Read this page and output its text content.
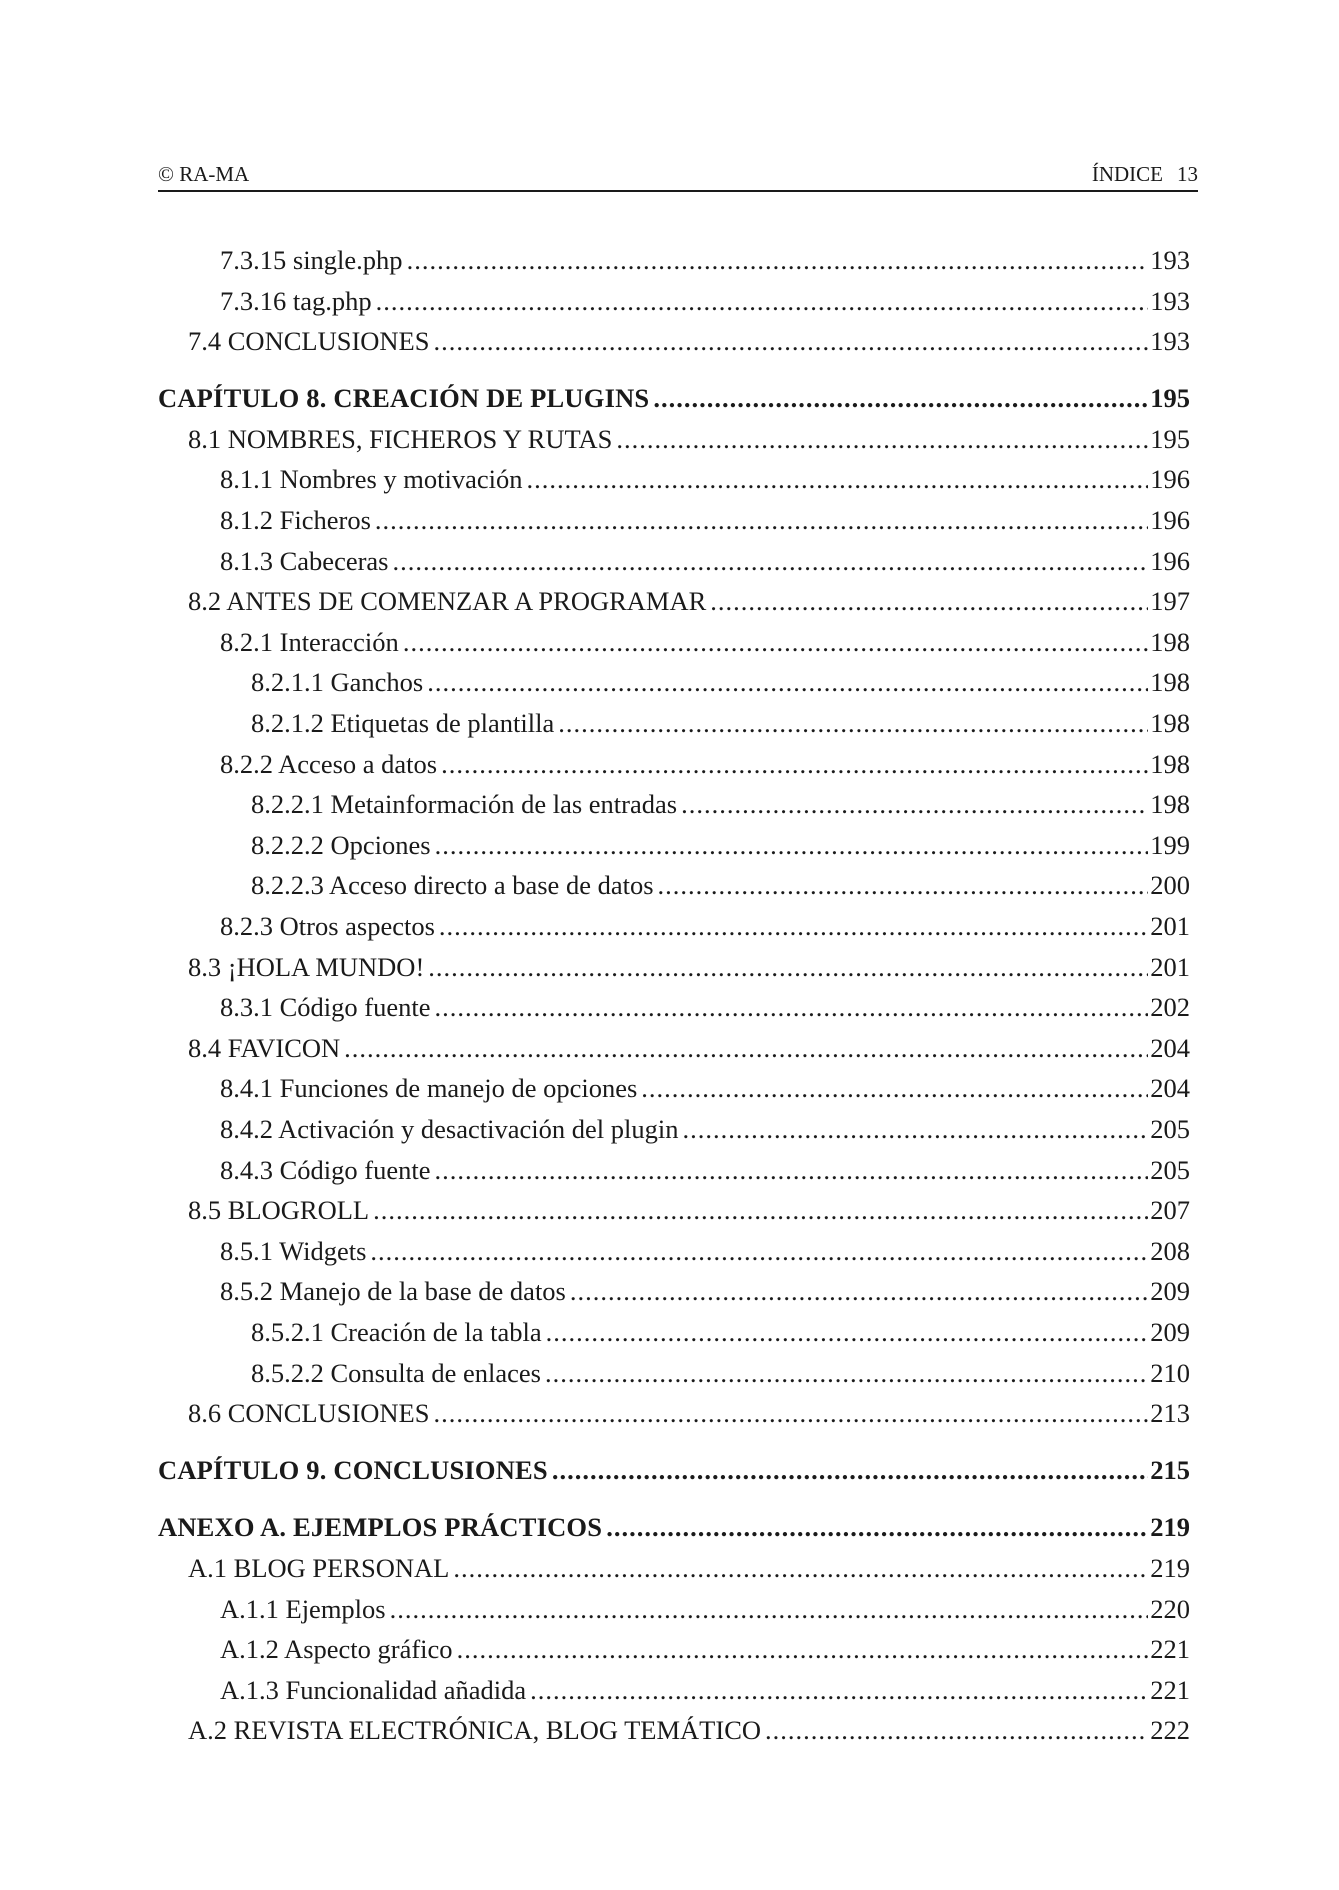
© RA-MA	ÍNDICE 13
7.3.15 single.php .....	193
7.3.16 tag.php .....	193
7.4 CONCLUSIONES .....	193
CAPÍTULO 8. CREACIÓN DE PLUGINS .....	195
8.1 NOMBRES, FICHEROS Y RUTAS .....	195
8.1.1 Nombres y motivación .....	196
8.1.2 Ficheros .....	196
8.1.3 Cabeceras .....	196
8.2 ANTES DE COMENZAR A PROGRAMAR .....	197
8.2.1 Interacción .....	198
8.2.1.1 Ganchos .....	198
8.2.1.2 Etiquetas de plantilla .....	198
8.2.2 Acceso a datos .....	198
8.2.2.1 Metainformación de las entradas .....	198
8.2.2.2 Opciones .....	199
8.2.2.3 Acceso directo a base de datos .....	200
8.2.3 Otros aspectos .....	201
8.3 ¡HOLA MUNDO! .....	201
8.3.1 Código fuente .....	202
8.4 FAVICON .....	204
8.4.1 Funciones de manejo de opciones .....	204
8.4.2 Activación y desactivación del plugin .....	205
8.4.3 Código fuente .....	205
8.5 BLOGROLL .....	207
8.5.1 Widgets .....	208
8.5.2 Manejo de la base de datos .....	209
8.5.2.1 Creación de la tabla .....	209
8.5.2.2 Consulta de enlaces .....	210
8.6 CONCLUSIONES .....	213
CAPÍTULO 9. CONCLUSIONES .....	215
ANEXO A. EJEMPLOS PRÁCTICOS .....	219
A.1 BLOG PERSONAL .....	219
A.1.1 Ejemplos .....	220
A.1.2 Aspecto gráfico .....	221
A.1.3 Funcionalidad añadida .....	221
A.2 REVISTA ELECTRÓNICA, BLOG TEMÁTICO .....	222
